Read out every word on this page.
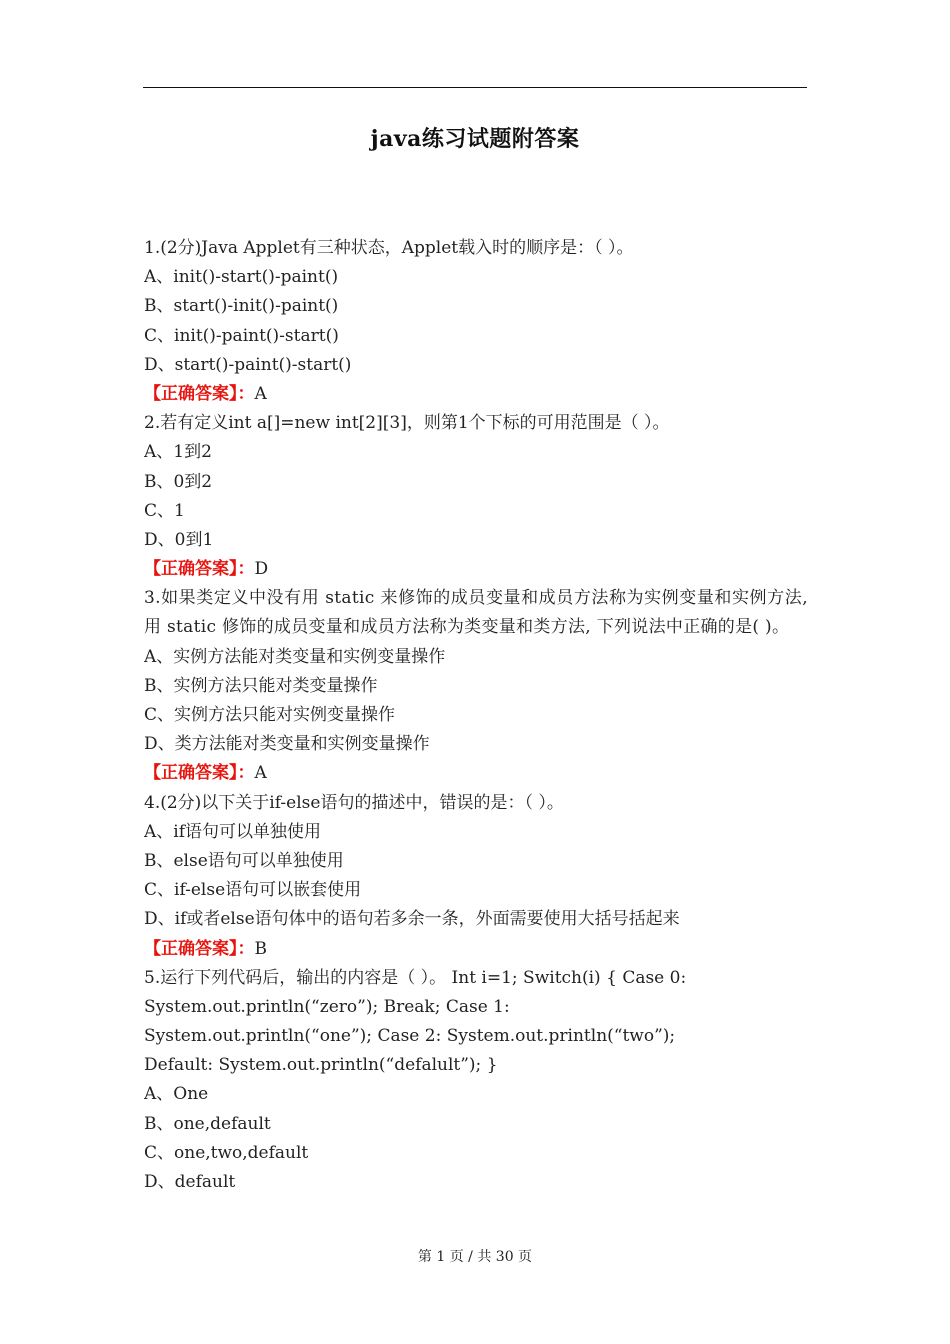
java练习试题附答案
1.(2分)Java Applet有三种状态，Applet载入时的顺序是：（ ）。
A、init()-start()-paint()
B、start()-init()-paint()
C、init()-paint()-start()
D、start()-paint()-start()
【正确答案】：A
2.若有定义int a[]=new int[2][3]，则第1个下标的可用范围是（ ）。
A、1到2
B、0到2
C、1
D、0到1
【正确答案】：D
3.如果类定义中没有用 static 来修饰的成员变量和成员方法称为实例变量和实例方法,用 static 修饰的成员变量和成员方法称为类变量和类方法, 下列说法中正确的是( )。
A、实例方法能对类变量和实例变量操作
B、实例方法只能对类变量操作
C、实例方法只能对实例变量操作
D、类方法能对类变量和实例变量操作
【正确答案】：A
4.(2分)以下关于if-else语句的描述中，错误的是：（ ）。
A、if语句可以单独使用
B、else语句可以单独使用
C、if-else语句可以嵌套使用
D、if或者else语句体中的语句若多余一条，外面需要使用大括号括起来
【正确答案】：B
5.运行下列代码后，输出的内容是（ ）。 Int i=1; Switch(i) { Case 0:
System.out.println(“zero”); Break; Case 1:
System.out.println(“one”); Case 2: System.out.println(“two”);
Default: System.out.println(“defalult”); }
A、One
B、one,default
C、one,two,default
D、default
第 1 页 / 共 30 页
